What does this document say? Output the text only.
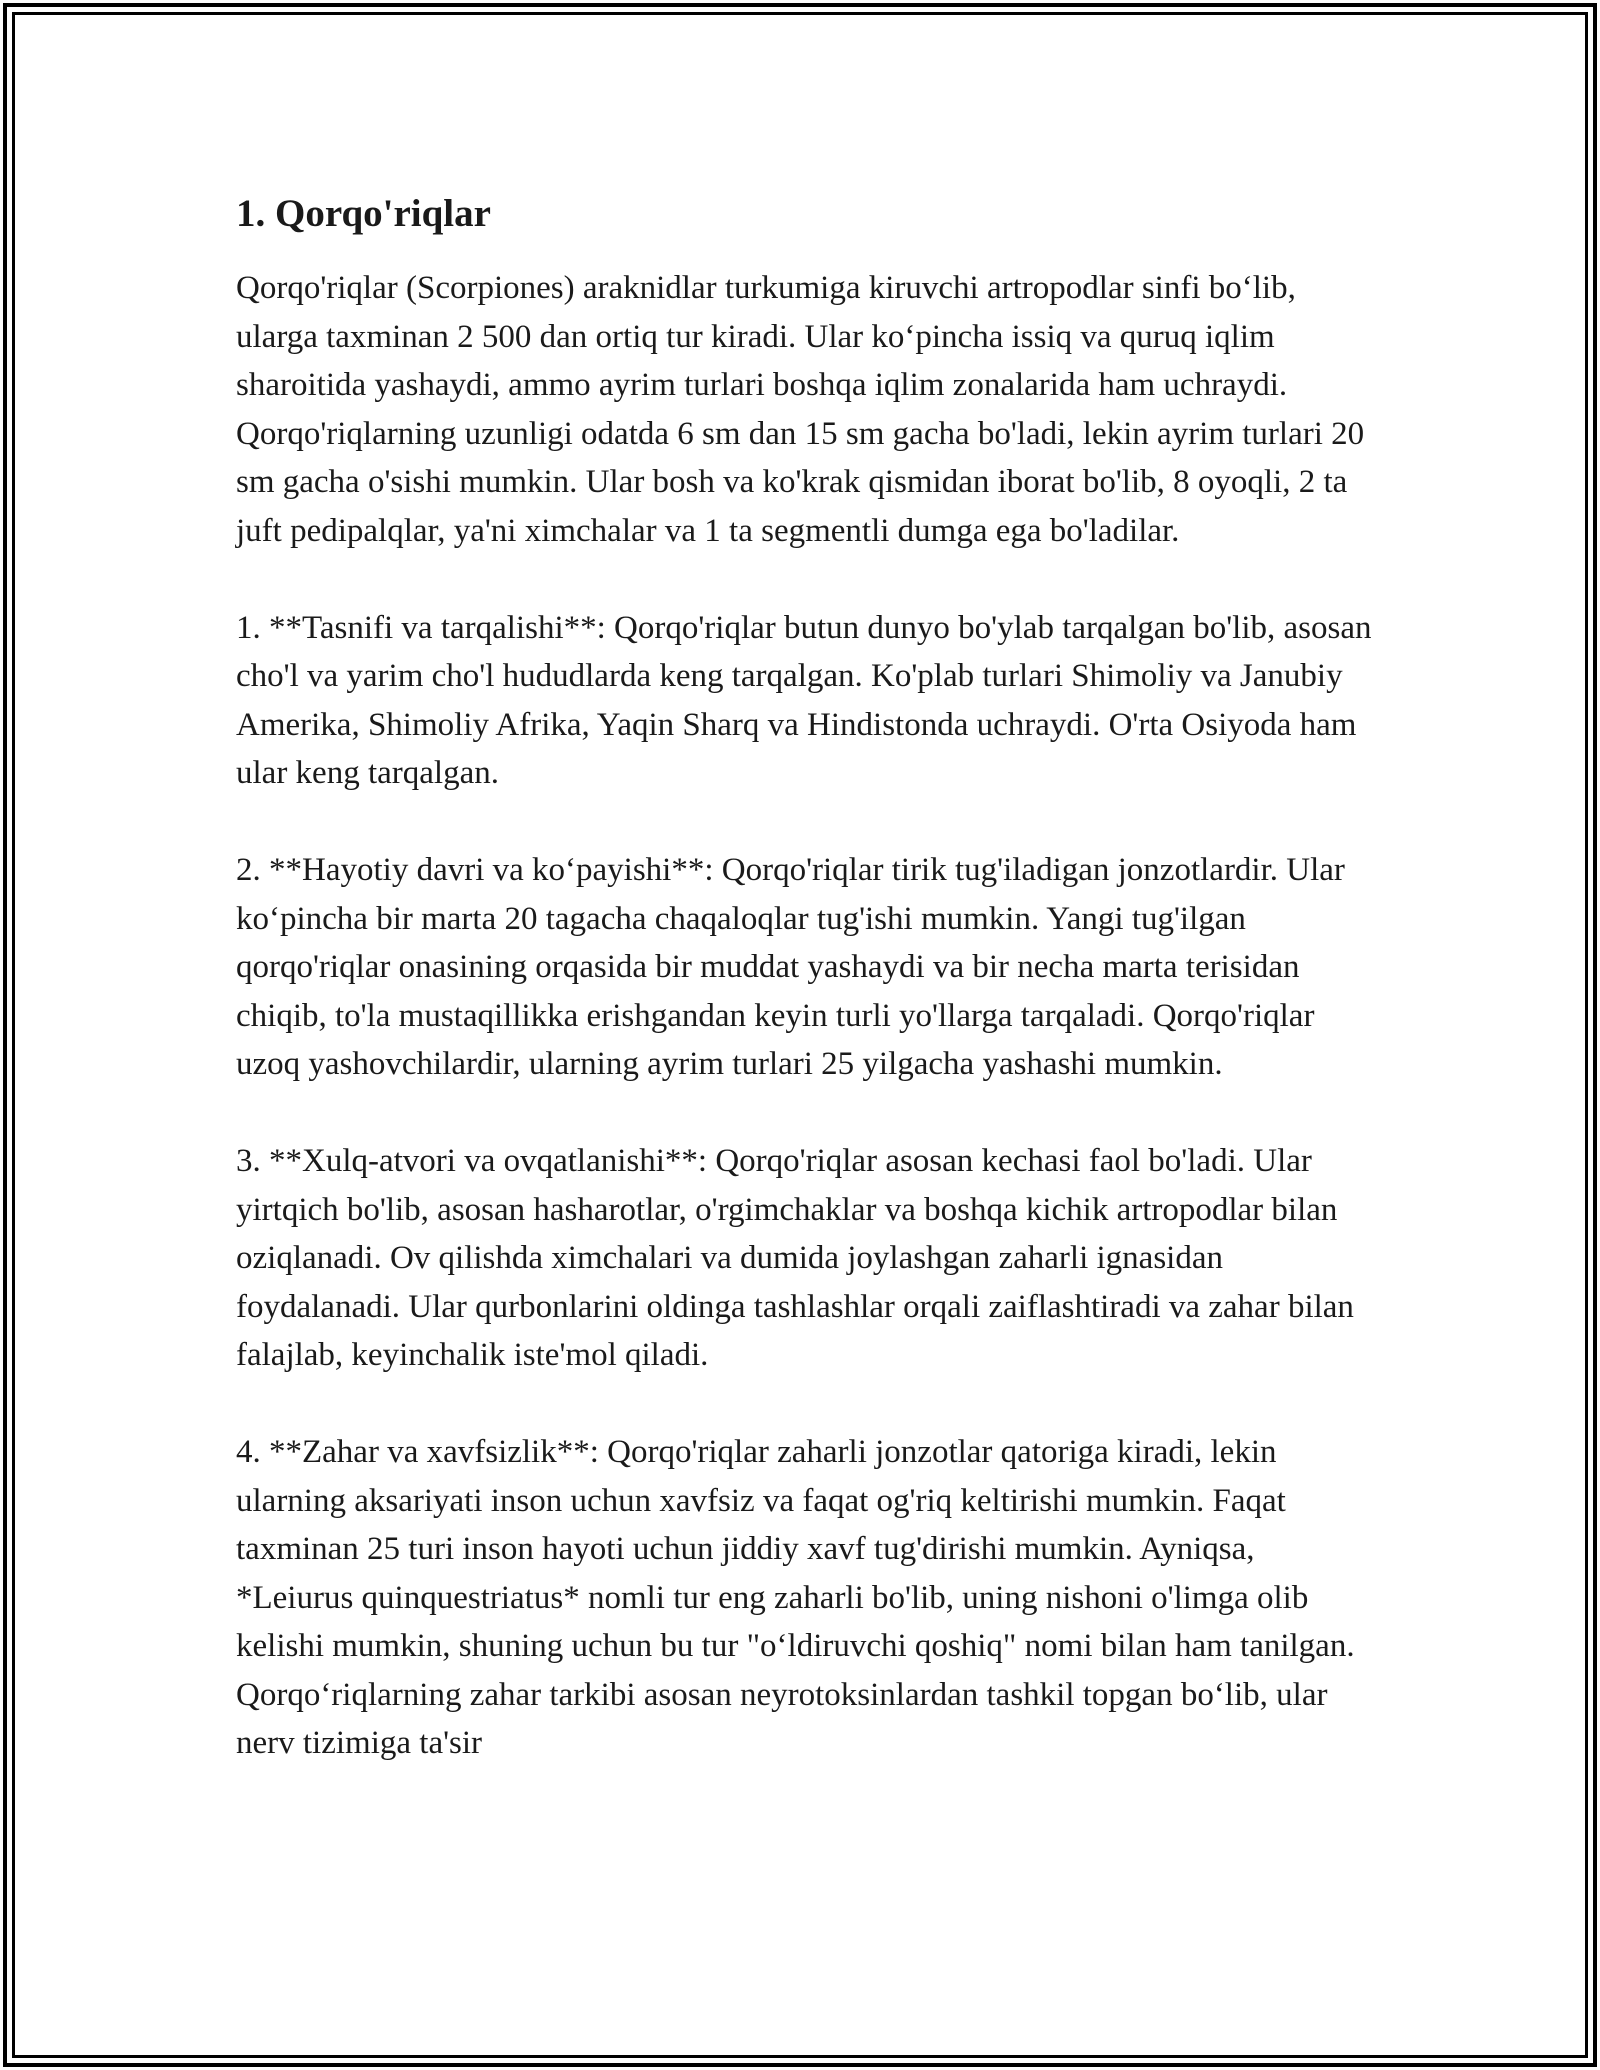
1. Qorqo'riqlar

Qorqo'riqlar (Scorpiones) araknidlar turkumiga kiruvchi artropodlar sinfi bo‘lib, ularga taxminan 2 500 dan ortiq tur kiradi. Ular ko‘pincha issiq va quruq iqlim sharoitida yashaydi, ammo ayrim turlari boshqa iqlim zonalarida ham uchraydi. Qorqo'riqlarning uzunligi odatda 6 sm dan 15 sm gacha bo'ladi, lekin ayrim turlari 20 sm gacha o'sishi mumkin. Ular bosh va ko'krak qismidan iborat bo'lib, 8 oyoqli, 2 ta juft pedipalqlar, ya'ni ximchalar va 1 ta segmentli dumga ega bo'ladilar.

1. **Tasnifi va tarqalishi**: Qorqo'riqlar butun dunyo bo'ylab tarqalgan bo'lib, asosan cho'l va yarim cho'l hududlarda keng tarqalgan. Ko'plab turlari Shimoliy va Janubiy Amerika, Shimoliy Afrika, Yaqin Sharq va Hindistonda uchraydi. O'rta Osiyoda ham ular keng tarqalgan.

2. **Hayotiy davri va ko‘payishi**: Qorqo'riqlar tirik tug'iladigan jonzotlardir. Ular ko‘pincha bir marta 20 tagacha chaqaloqlar tug'ishi mumkin. Yangi tug'ilgan qorqo'riqlar onasining orqasida bir muddat yashaydi va bir necha marta terisidan chiqib, to'la mustaqillikka erishgandan keyin turli yo'llarga tarqaladi. Qorqo'riqlar uzoq yashovchilardir, ularning ayrim turlari 25 yilgacha yashashi mumkin.

3. **Xulq-atvori va ovqatlanishi**: Qorqo'riqlar asosan kechasi faol bo'ladi. Ular yirtqich bo'lib, asosan hasharotlar, o'rgimchaklar va boshqa kichik artropodlar bilan oziqlanadi. Ov qilishda ximchalari va dumida joylashgan zaharli ignasidan foydalanadi. Ular qurbonlarini oldinga tashlashlar orqali zaiflashtiradi va zahar bilan falajlab, keyinchalik iste'mol qiladi.

4. **Zahar va xavfsizlik**: Qorqo'riqlar zaharli jonzotlar qatoriga kiradi, lekin ularning aksariyati inson uchun xavfsiz va faqat og'riq keltirishi mumkin. Faqat taxminan 25 turi inson hayoti uchun jiddiy xavf tug'dirishi mumkin. Ayniqsa, *Leiurus quinquestriatus* nomli tur eng zaharli bo'lib, uning nishoni o'limga olib kelishi mumkin, shuning uchun bu tur "o‘ldiruvchi qoshiq" nomi bilan ham tanilgan. Qorqo‘riqlarning zahar tarkibi asosan neyrotoksinlardan tashkil topgan bo‘lib, ular nerv tizimiga ta'sir
